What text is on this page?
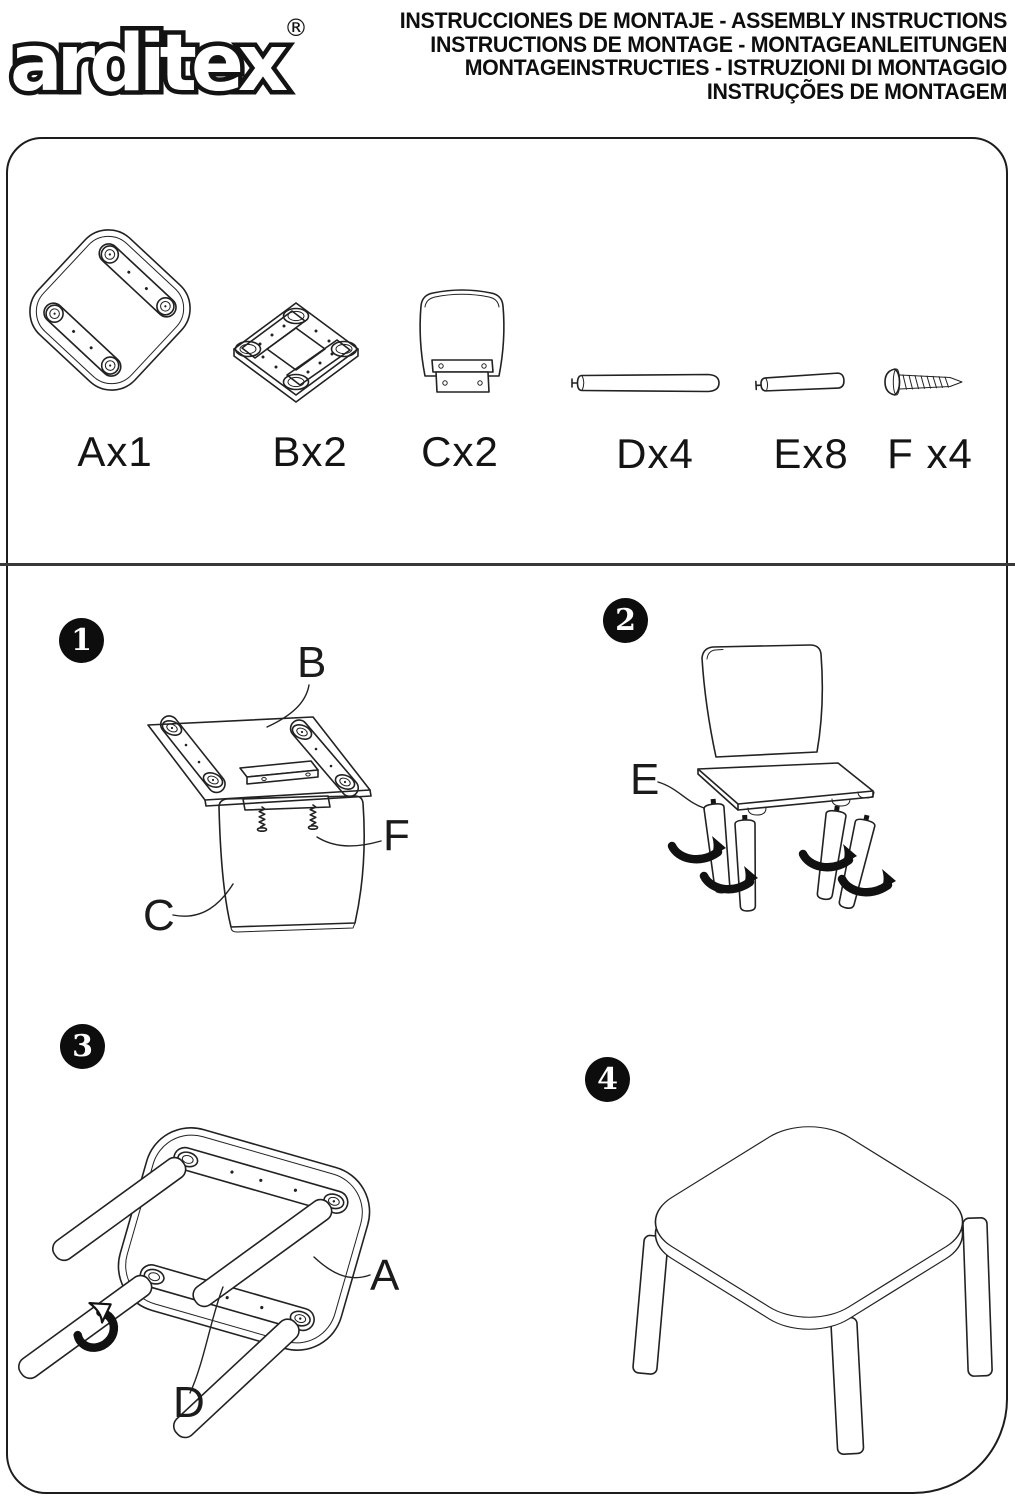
arditex ®	INSTRUCCIONES DE MONTAJE - ASSEMBLY INSTRUCTIONS
INSTRUCTIONS DE MONTAGE - MONTAGEANLEITUNGEN
MONTAGEINSTRUCTIES - ISTRUZIONI DI MONTAGGIO
INSTRUÇÕES DE MONTAGEM
Ax1	Bx2 Cx2	Dx4 Ex8 F x4
1	B
F
C
2
E
3
A
D
4
